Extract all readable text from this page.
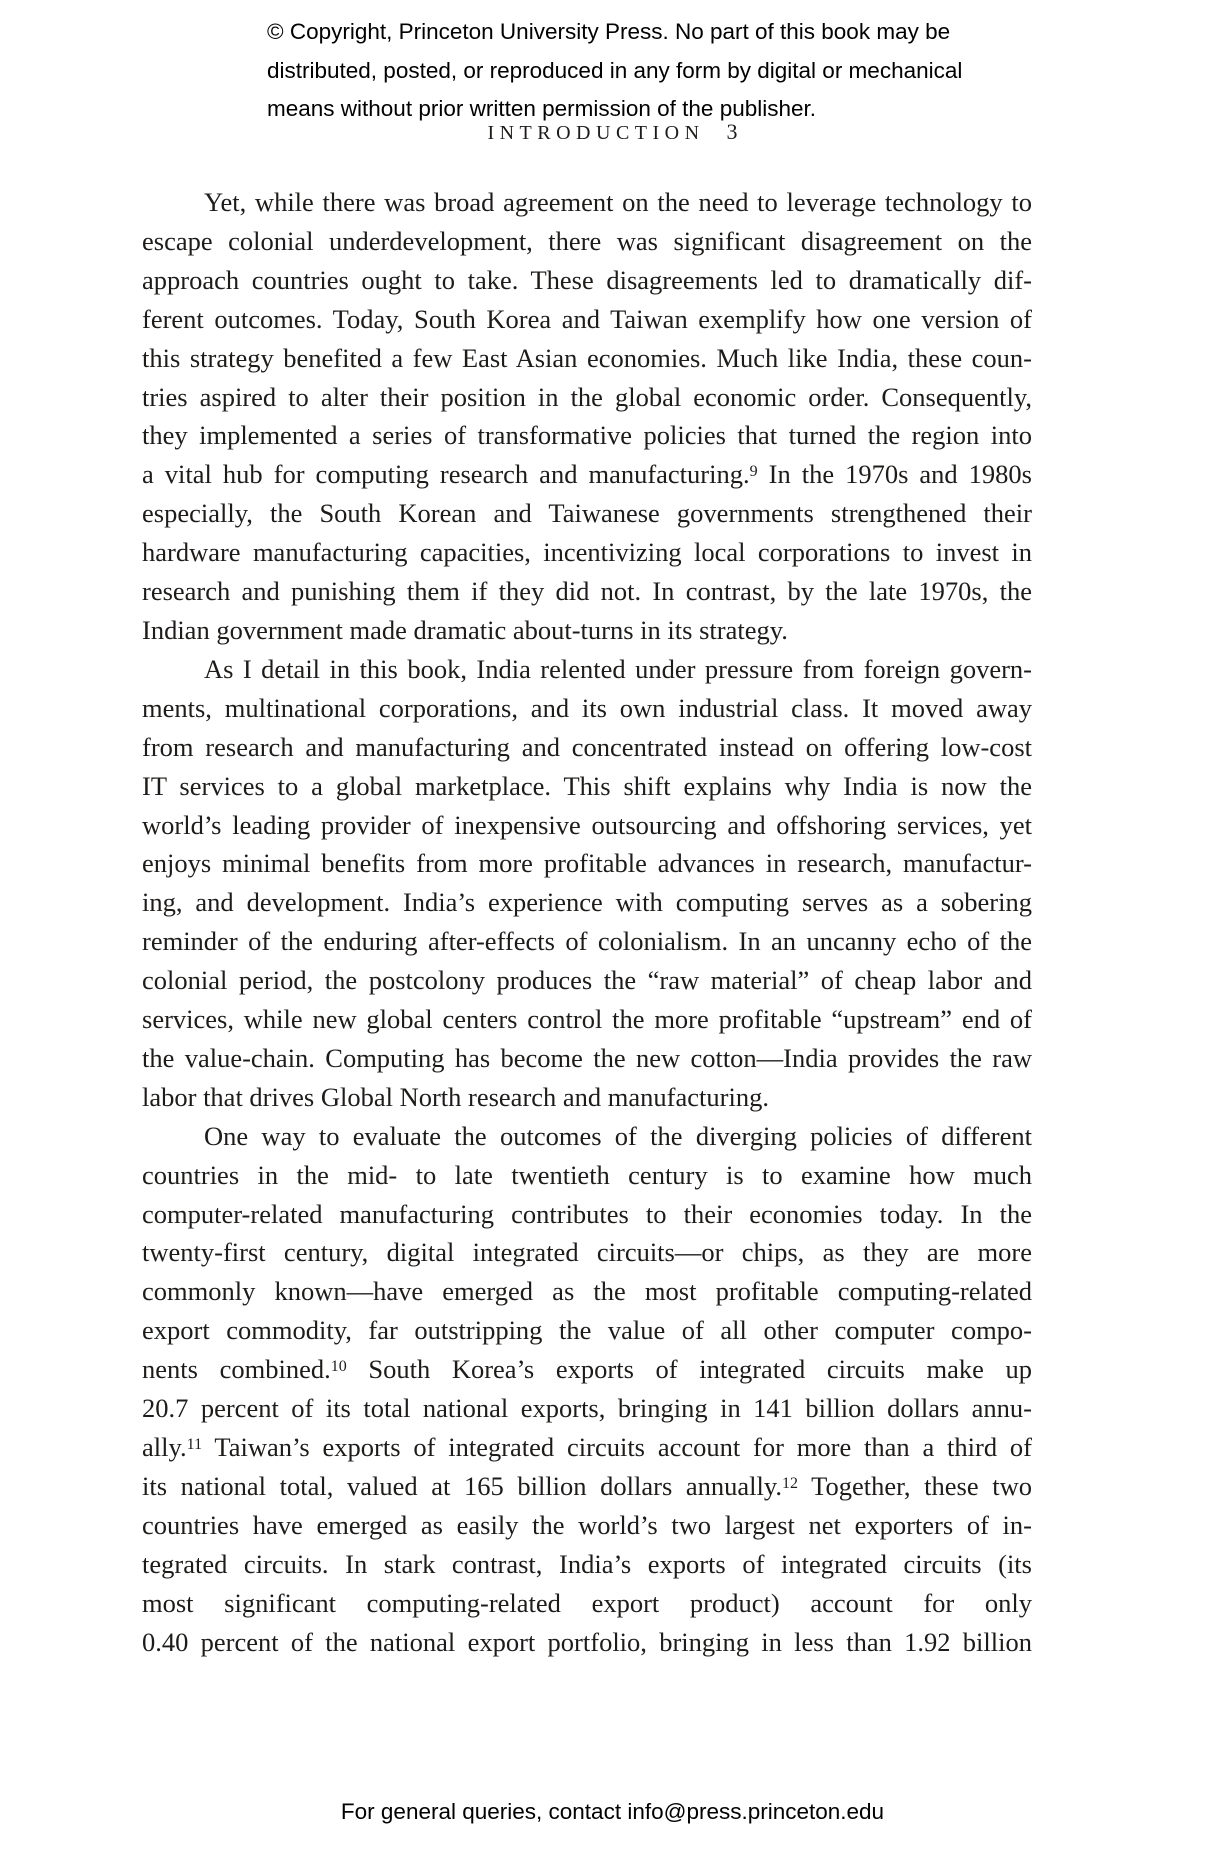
© Copyright, Princeton University Press. No part of this book may be
distributed, posted, or reproduced in any form by digital or mechanical
means without prior written permission of the publisher.
INTRODUCTION 3
Yet, while there was broad agreement on the need to leverage technology to
escape colonial underdevelopment, there was significant disagreement on the
approach countries ought to take. These disagreements led to dramatically dif-
ferent outcomes. Today, South Korea and Taiwan exemplify how one version of
this strategy benefited a few East Asian economies. Much like India, these coun-
tries aspired to alter their position in the global economic order. Consequently,
they implemented a series of transformative policies that turned the region into
a vital hub for computing research and manufacturing.$^9$ In the 1970s and 1980s
especially, the South Korean and Taiwanese governments strengthened their
hardware manufacturing capacities, incentivizing local corporations to invest in
research and punishing them if they did not. In contrast, by the late 1970s, the
Indian government made dramatic about-turns in its strategy.
As I detail in this book, India relented under pressure from foreign govern-
ments, multinational corporations, and its own industrial class. It moved away
from research and manufacturing and concentrated instead on offering low-cost
IT services to a global marketplace. This shift explains why India is now the
world’s leading provider of inexpensive outsourcing and offshoring services, yet
enjoys minimal benefits from more profitable advances in research, manufactur-
ing, and development. India’s experience with computing serves as a sobering
reminder of the enduring after-effects of colonialism. In an uncanny echo of the
colonial period, the postcolony produces the “raw material” of cheap labor and
services, while new global centers control the more profitable “upstream” end of
the value-chain. Computing has become the new cotton—India provides the raw
labor that drives Global North research and manufacturing.
One way to evaluate the outcomes of the diverging policies of different
countries in the mid- to late twentieth century is to examine how much
computer-related manufacturing contributes to their economies today. In the
twenty-first century, digital integrated circuits—or chips, as they are more
commonly known—have emerged as the most profitable computing-related
export commodity, far outstripping the value of all other computer compo-
nents combined.$^{10}$ South Korea’s exports of integrated circuits make up
20.7 percent of its total national exports, bringing in 141 billion dollars annu-
ally.$^{11}$ Taiwan’s exports of integrated circuits account for more than a third of
its national total, valued at 165 billion dollars annually.$^{12}$ Together, these two
countries have emerged as easily the world’s two largest net exporters of in-
tegrated circuits. In stark contrast, India’s exports of integrated circuits (its
most significant computing-related export product) account for only
0.40 percent of the national export portfolio, bringing in less than 1.92 billion
For general queries, contact info@press.princeton.edu
